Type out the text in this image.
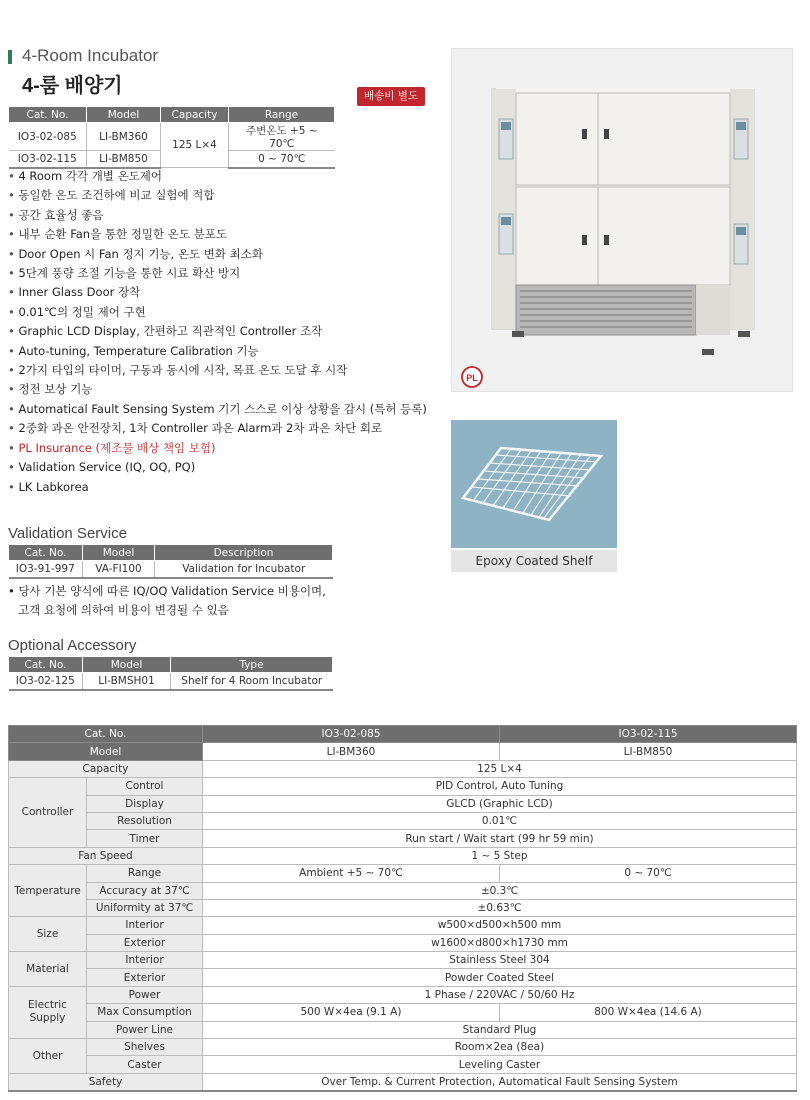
4-Room Incubator
4-룸 배양기	배송비 별도
Cat. No.	Model	Capacity	Range
IO3-02-085	LI-BM360	125 L×4	주변온도 +5 ~ 70℃
IO3-02-115	LI-BM850		0 ~ 70℃
• 4 Room 각각 개별 온도제어
• 동일한 온도 조건하에 비교 실험에 적합
• 공간 효율성 좋음
• 내부 순환 Fan을 통한 정밀한 온도 분포도
• Door Open 시 Fan 정지 기능, 온도 변화 최소화
• 5단계 풍량 조절 기능을 통한 시료 확산 방지
• Inner Glass Door 장착
• 0.01℃의 정밀 제어 구현
• Graphic LCD Display, 간편하고 직관적인 Controller 조작
• Auto-tuning, Temperature Calibration 기능
• 2가지 타입의 타이머, 구동과 동시에 시작, 목표 온도 도달 후 시작
• 정전 보상 기능
• Automatical Fault Sensing System 기기 스스로 이상 상황을 감시 (특허 등록)
• 2중화 과온 안전장치, 1차 Controller 과온 Alarm과 2차 과온 차단 회로
• PL Insurance (제조물 배상 책임 보험)
• Validation Service (IQ, OQ, PQ)
• LK Labkorea
Validation Service
Cat. No.	Model	Description
IO3-91-997	VA-FI100	Validation for Incubator
• 당사 기본 양식에 따른 IQ/OQ Validation Service 비용이며,
고객 요청에 의하여 비용이 변경될 수 있음
Optional Accessory
Cat. No.	Model	Type
IO3-02-125	LI-BMSH01	Shelf for 4 Room Incubator
PL
Epoxy Coated Shelf
Cat. No.		IO3-02-085	IO3-02-115
Model		LI-BM360	LI-BM850
Capacity		125 L×4	
Controller	Control	PID Control, Auto Tuning	
	Display	GLCD (Graphic LCD)	
	Resolution	0.01℃	
	Timer	Run start / Wait start (99 hr 59 min)	
Fan Speed		1 ~ 5 Step	
Temperature	Range	Ambient +5 ~ 70℃	0 ~ 70℃
	Accuracy at 37℃	±0.3℃	
	Uniformity at 37℃	±0.63℃	
Size	Interior	w500×d500×h500 mm	
	Exterior	w1600×d800×h1730 mm	
Material	Interior	Stainless Steel 304	
	Exterior	Powder Coated Steel	
Electric
Supply	Power	1 Phase / 220VAC / 50/60 Hz	
	Max Consumption	500 W×4ea (9.1 A)	800 W×4ea (14.6 A)
	Power Line	Standard Plug	
Other	Shelves	Room×2ea (8ea)	
	Caster	Leveling Caster	
Safety		Over Temp. & Current Protection, Automatical Fault Sensing System	
